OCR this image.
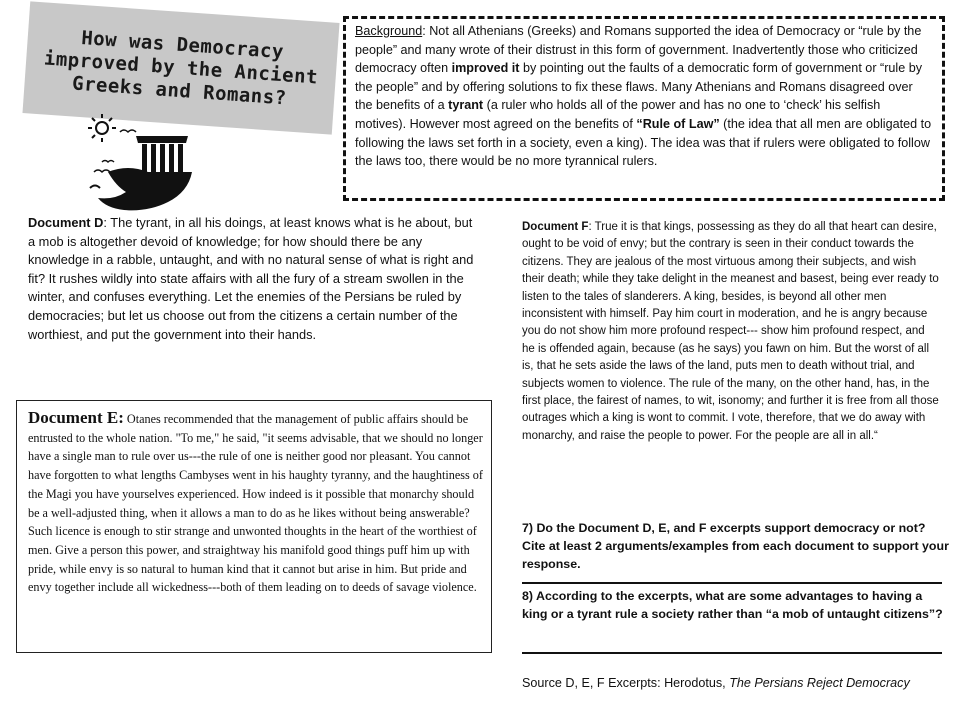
How was Democracy improved by the Ancient Greeks and Romans?
Background: Not all Athenians (Greeks) and Romans supported the idea of Democracy or “rule by the people” and many wrote of their distrust in this form of government. Inadvertently those who criticized democracy often improved it by pointing out the faults of a democratic form of government or “rule by the people” and by offering solutions to fix these flaws. Many Athenians and Romans disagreed over the benefits of a tyrant (a ruler who holds all of the power and has no one to ‘check’ his selfish motives). However most agreed on the benefits of “Rule of Law” (the idea that all men are obligated to following the laws set forth in a society, even a king). The idea was that if rulers were obligated to follow the laws too, there would be no more tyrannical rulers.
Document D: The tyrant, in all his doings, at least knows what is he about, but a mob is altogether devoid of knowledge; for how should there be any knowledge in a rabble, untaught, and with no natural sense of what is right and fit? It rushes wildly into state affairs with all the fury of a stream swollen in the winter, and confuses everything. Let the enemies of the Persians be ruled by democracies; but let us choose out from the citizens a certain number of the worthiest, and put the government into their hands.
Document E: Otanes recommended that the management of public affairs should be entrusted to the whole nation. "To me," he said, "it seems advisable, that we should no longer have a single man to rule over us---the rule of one is neither good nor pleasant. You cannot have forgotten to what lengths Cambyses went in his haughty tyranny, and the haughtiness of the Magi you have yourselves experienced. How indeed is it possible that monarchy should be a well-adjusted thing, when it allows a man to do as he likes without being answerable? Such licence is enough to stir strange and unwonted thoughts in the heart of the worthiest of men. Give a person this power, and straightway his manifold good things puff him up with pride, while envy is so natural to human kind that it cannot but arise in him. But pride and envy together include all wickedness---both of them leading on to deeds of savage violence.
Document F: True it is that kings, possessing as they do all that heart can desire, ought to be void of envy; but the contrary is seen in their conduct towards the citizens. They are jealous of the most virtuous among their subjects, and wish their death; while they take delight in the meanest and basest, being ever ready to listen to the tales of slanderers. A king, besides, is beyond all other men inconsistent with himself. Pay him court in moderation, and he is angry because you do not show him more profound respect--- show him profound respect, and he is offended again, because (as he says) you fawn on him. But the worst of all is, that he sets aside the laws of the land, puts men to death without trial, and subjects women to violence. The rule of the many, on the other hand, has, in the first place, the fairest of names, to wit, isonomy; and further it is free from all those outrages which a king is wont to commit. I vote, therefore, that we do away with monarchy, and raise the people to power. For the people are all in all.“
7) Do the Document D, E, and F excerpts support democracy or not? Cite at least 2 arguments/examples from each document to support your response.
8) According to the excerpts, what are some advantages to having a king or a tyrant rule a society rather than “a mob of untaught citizens”?
Source D, E, F Excerpts: Herodotus, The Persians Reject Democracy
